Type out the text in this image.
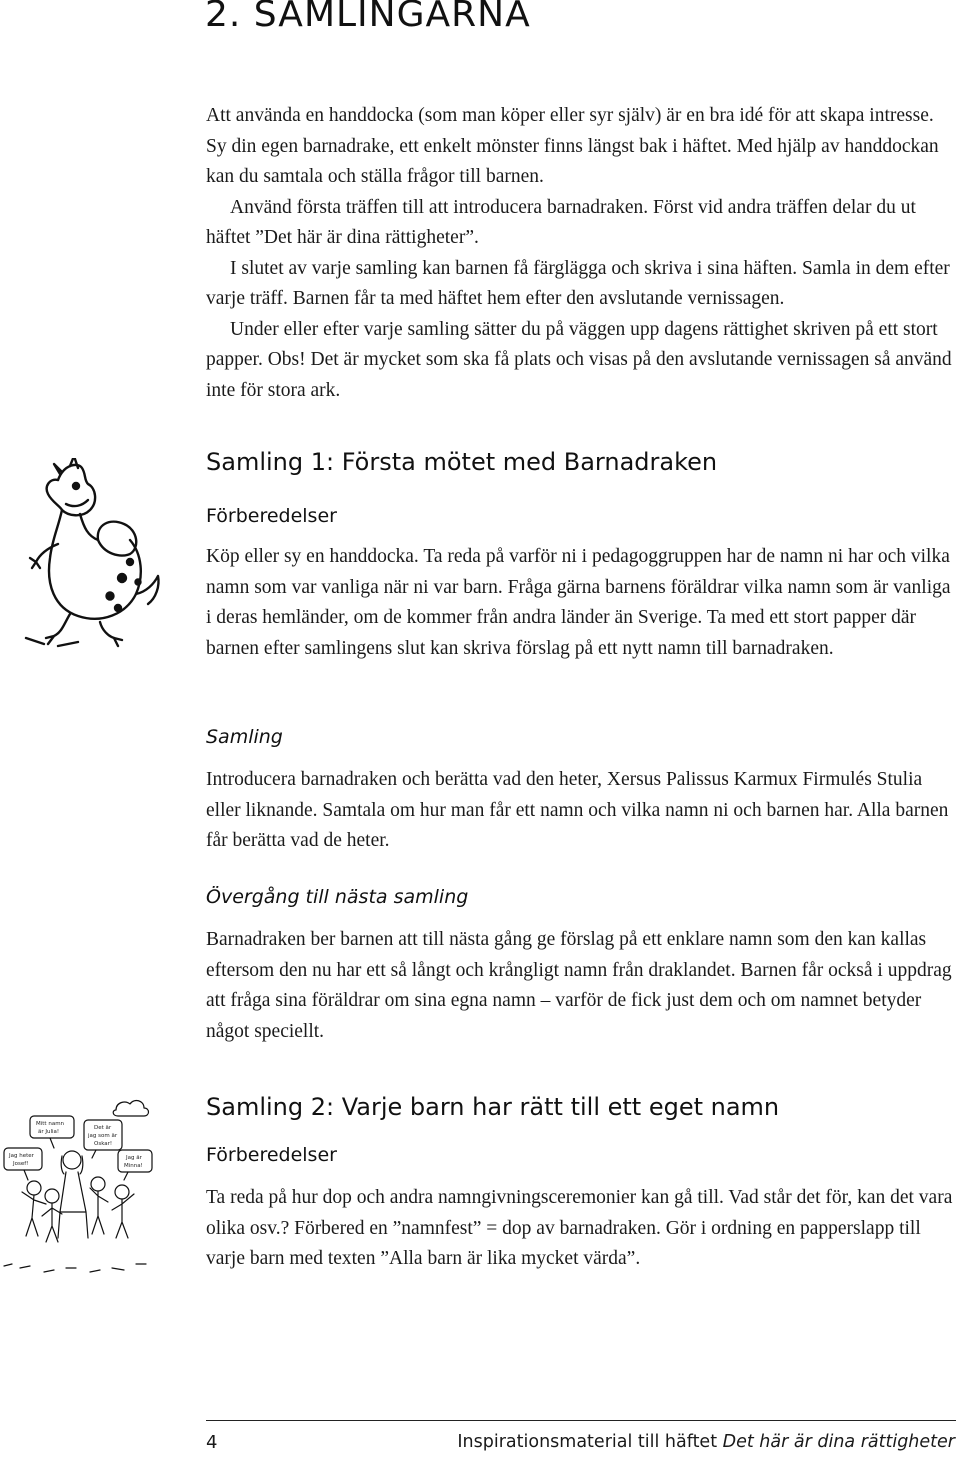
2. SAMLINGARNA
Att använda en handdocka (som man köper eller syr själv) är en bra idé för att skapa intresse. Sy din egen barnadrake, ett enkelt mönster finns längst bak i häftet. Med hjälp av handdockan kan du samtala och ställa frågor till barnen.
Använd första träffen till att introducera barnadraken. Först vid andra träffen delar du ut häftet ”Det här är dina rättigheter”.
I slutet av varje samling kan barnen få färglägga och skriva i sina häften. Samla in dem efter varje träff. Barnen får ta med häftet hem efter den avslutande vernissagen.
Under eller efter varje samling sätter du på väggen upp dagens rättighet skriven på ett stort papper. Obs! Det är mycket som ska få plats och visas på den avslutande vernissagen så använd inte för stora ark.
Samling 1: Första mötet med Barnadraken
Förberedelser

Köp eller sy en handdocka. Ta reda på varför ni i pedagoggruppen har de namn ni har och vilka namn som var vanliga när ni var barn. Fråga gärna barnens föräldrar vilka namn som är vanliga i deras hemländer, om de kommer från andra länder än Sverige. Ta med ett stort papper där barnen efter samlingens slut kan skriva förslag på ett nytt namn till barnadraken.

Samling

Introducera barnadraken och berätta vad den heter, Xersus Palissus Karmux Firmulés Stulia eller liknande. Samtala om hur man får ett namn och vilka namn ni och barnen har. Alla barnen får berätta vad de heter.

Övergång till nästa samling

Barnadraken ber barnen att till nästa gång ge förslag på ett enklare namn som den kan kallas eftersom den nu har ett så långt och krångligt namn från draklandet. Barnen får också i uppdrag att fråga sina föräldrar om sina egna namn – varför de fick just dem och om namnet betyder något speciellt.

Mitt namn
är Julia!
Jag heter
Josef!
Det är
jag som är
Oskar!
Jag är
Minna!
Samling 2: Varje barn har rätt till ett eget namn
Förberedelser

Ta reda på hur dop och andra namngivningsceremonier kan gå till. Vad står det för, kan det vara olika osv.? Förbered en ”namnfest” = dop av barnadraken. Gör i ordning en papperslapp till varje barn med texten ”Alla barn är lika mycket värda”.

4	Inspirationsmaterial till häftet Det här är dina rättigheter
